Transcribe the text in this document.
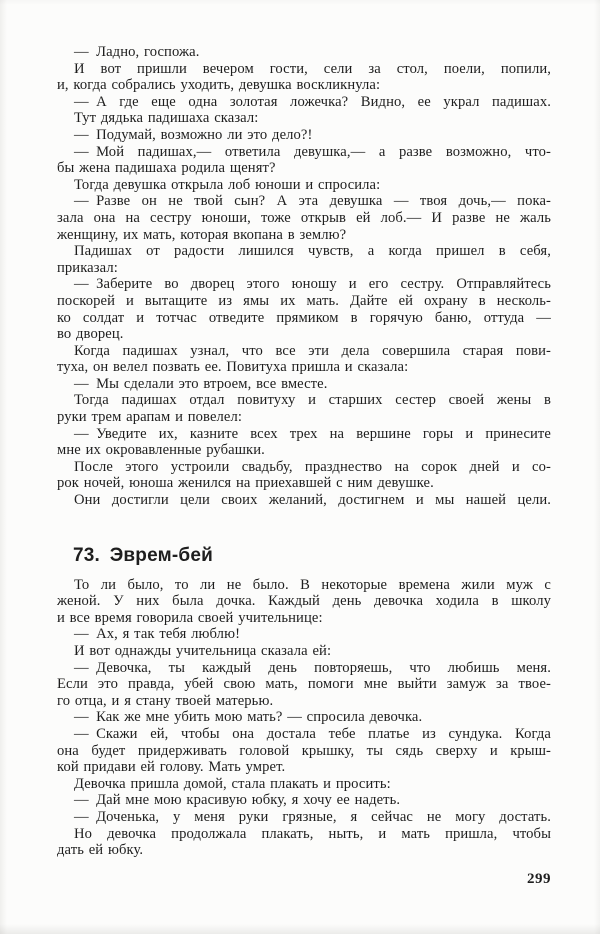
— Ладно, госпожа.
И вот пришли вечером гости, сели за стол, поели, попили,
и, когда собрались уходить, девушка воскликнула:
— А где еще одна золотая ложечка? Видно, ее украл падишах.
Тут дядька падишаха сказал:
— Подумай, возможно ли это дело?!
— Мой падишах,— ответила девушка,— а разве возможно, что-
бы жена падишаха родила щенят?
Тогда девушка открыла лоб юноши и спросила:
— Разве он не твой сын? А эта девушка — твоя дочь,— пока-
зала она на сестру юноши, тоже открыв ей лоб.— И разве не жаль
женщину, их мать, которая вкопана в землю?
Падишах от радости лишился чувств, а когда пришел в себя,
приказал:
— Заберите во дворец этого юношу и его сестру. Отправляйтесь
поскорей и вытащите из ямы их мать. Дайте ей охрану в несколь-
ко солдат и тотчас отведите прямиком в горячую баню, оттуда —
во дворец.
Когда падишах узнал, что все эти дела совершила старая пови-
туха, он велел позвать ее. Повитуха пришла и сказала:
— Мы сделали это втроем, все вместе.
Тогда падишах отдал повитуху и старших сестер своей жены в
руки трем арапам и повелел:
— Уведите их, казните всех трех на вершине горы и принесите
мне их окровавленные рубашки.
После этого устроили свадьбу, празднество на сорок дней и со-
рок ночей, юноша женился на приехавшей с ним девушке.
Они достигли цели своих желаний, достигнем и мы нашей цели.
73. Эврем-бей
То ли было, то ли не было. В некоторые времена жили муж с
женой. У них была дочка. Каждый день девочка ходила в школу
и все время говорила своей учительнице:
— Ах, я так тебя люблю!
И вот однажды учительница сказала ей:
— Девочка, ты каждый день повторяешь, что любишь меня.
Если это правда, убей свою мать, помоги мне выйти замуж за твое-
го отца, и я стану твоей матерью.
— Как же мне убить мою мать? — спросила девочка.
— Скажи ей, чтобы она достала тебе платье из сундука. Когда
она будет придерживать головой крышку, ты сядь сверху и крыш-
кой придави ей голову. Мать умрет.
Девочка пришла домой, стала плакать и просить:
— Дай мне мою красивую юбку, я хочу ее надеть.
— Доченька, у меня руки грязные, я сейчас не могу достать.
Но девочка продолжала плакать, ныть, и мать пришла, чтобы
дать ей юбку.
299
